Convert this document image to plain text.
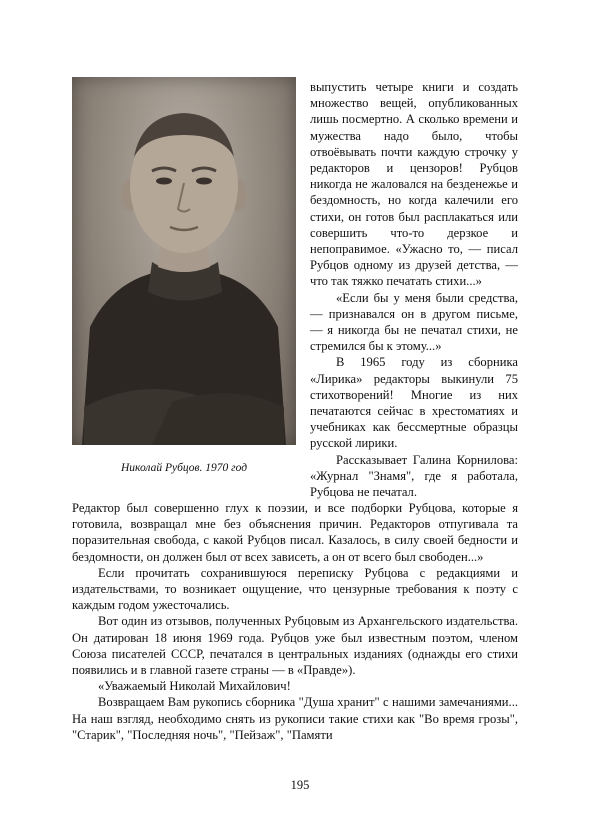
Николай Рубцов. 1970 год

выпустить четыре книги и создать множество вещей, опубликованных лишь посмертно. А сколько времени и мужества надо было, чтобы отвоёвывать почти каждую строчку у редакторов и цензоров! Рубцов никогда не жаловался на безденежье и бездомность, но когда калечили его стихи, он готов был расплакаться или совершить что-то дерзкое и непоправимое. «Ужасно то, — писал Рубцов одному из друзей детства, — что так тяжко печатать стихи...»

«Если бы у меня были средства, — признавался он в другом письме, — я никогда бы не печатал стихи, не стремился бы к этому...»

В 1965 году из сборника «Лирика» редакторы выкинули 75 стихотворений! Многие из них печатаются сейчас в хрестоматиях и учебниках как бессмертные образцы русской лирики.

Рассказывает Галина Корнилова: «Журнал "Знамя", где я работала, Рубцова не печатал.

Редактор был совершенно глух к поэзии, и все подборки Рубцова, которые я готовила, возвращал мне без объяснения причин. Редакторов отпугивала та поразительная свобода, с какой Рубцов писал. Казалось, в силу своей бедности и бездомности, он должен был от всех зависеть, а он от всего был свободен...»

Если прочитать сохранившуюся переписку Рубцова с редакциями и издательствами, то возникает ощущение, что цензурные требования к поэту с каждым годом ужесточались.

Вот один из отзывов, полученных Рубцовым из Архангельского издательства. Он датирован 18 июня 1969 года. Рубцов уже был известным поэтом, членом Союза писателей СССР, печатался в центральных изданиях (однажды его стихи появились и в главной газете страны — в «Правде»).

«Уважаемый Николай Михайлович!

Возвращаем Вам рукопись сборника "Душа хранит" с нашими замечаниями... На наш взгляд, необходимо снять из рукописи такие стихи как "Во время грозы", "Старик", "Последняя ночь", "Пейзаж", "Памяти

195
